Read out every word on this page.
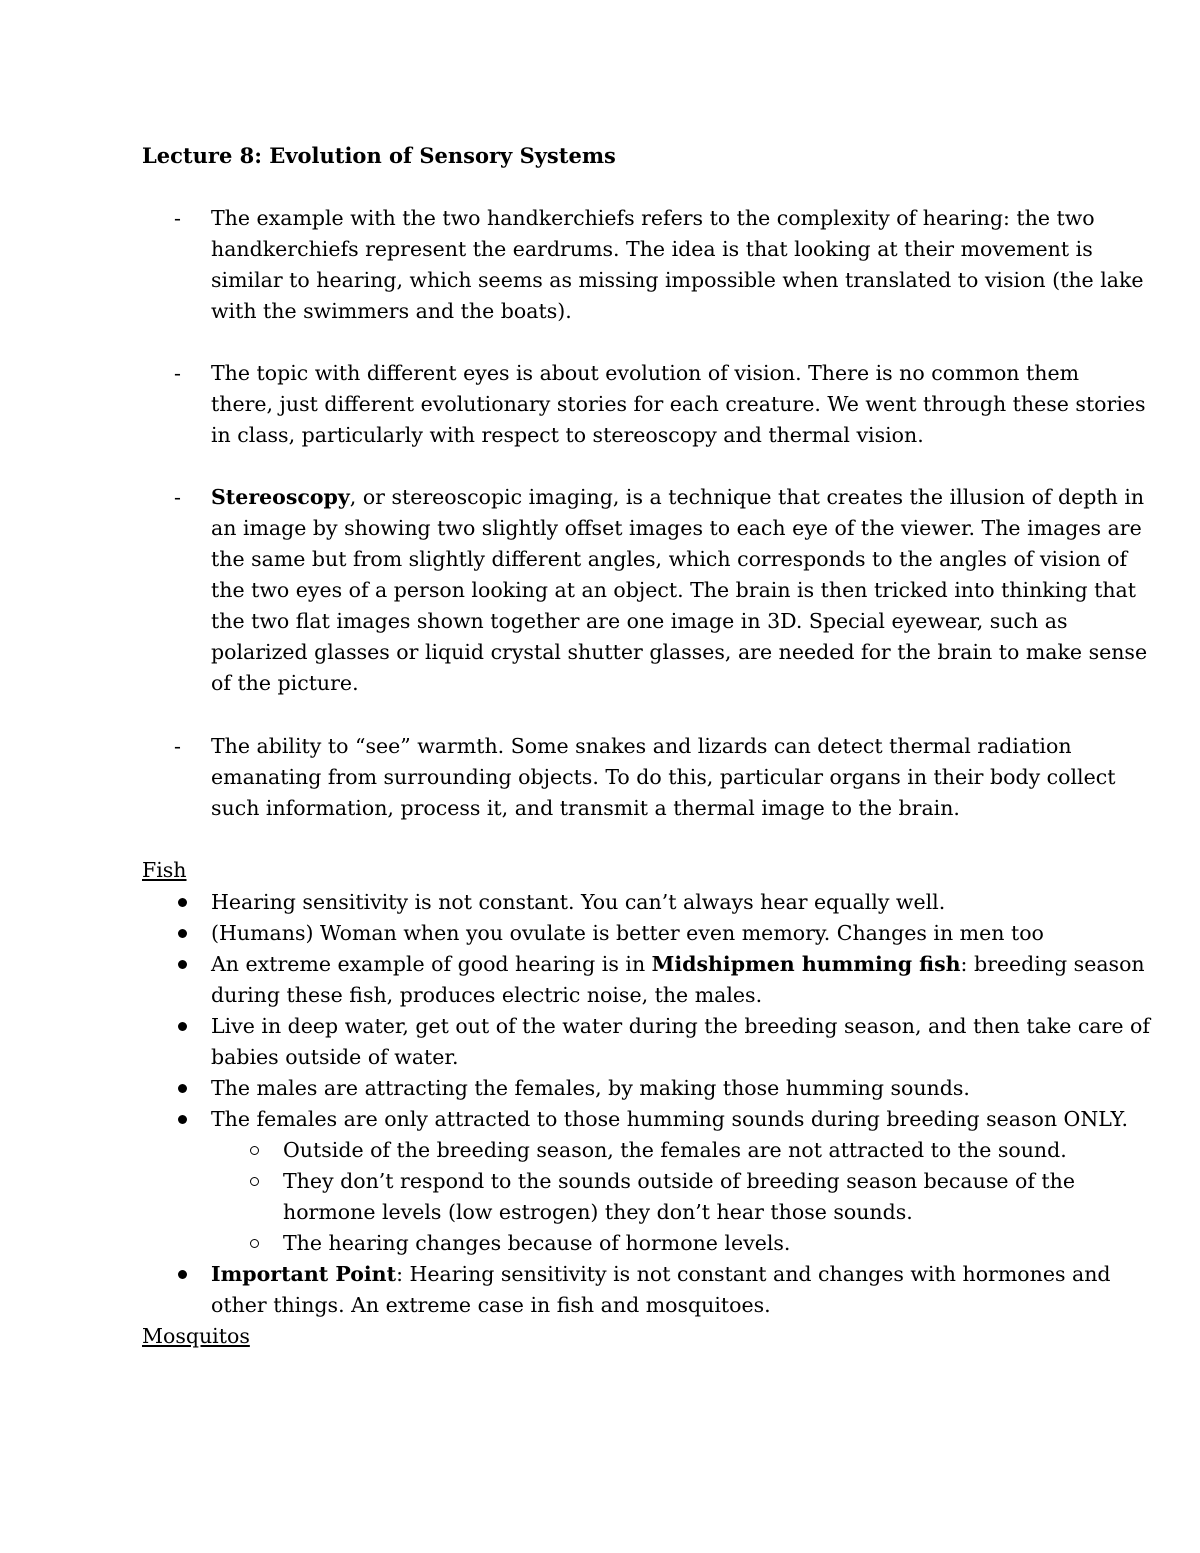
Lecture 8: Evolution of Sensory Systems
- The example with the two handkerchiefs refers to the complexity of hearing: the two
handkerchiefs represent the eardrums. The idea is that looking at their movement is
similar to hearing, which seems as missing impossible when translated to vision (the lake
with the swimmers and the boats).
- The topic with different eyes is about evolution of vision. There is no common them
there, just different evolutionary stories for each creature. We went through these stories
in class, particularly with respect to stereoscopy and thermal vision.
- Stereoscopy, or stereoscopic imaging, is a technique that creates the illusion of depth in
an image by showing two slightly offset images to each eye of the viewer. The images are
the same but from slightly different angles, which corresponds to the angles of vision of
the two eyes of a person looking at an object. The brain is then tricked into thinking that
the two flat images shown together are one image in 3D. Special eyewear, such as
polarized glasses or liquid crystal shutter glasses, are needed for the brain to make sense
of the picture.
- The ability to “see” warmth. Some snakes and lizards can detect thermal radiation
emanating from surrounding objects. To do this, particular organs in their body collect
such information, process it, and transmit a thermal image to the brain.
Fish
Hearing sensitivity is not constant. You can’t always hear equally well.
(Humans) Woman when you ovulate is better even memory. Changes in men too
An extreme example of good hearing is in Midshipmen humming fish: breeding season
during these fish, produces electric noise, the males.
Live in deep water, get out of the water during the breeding season, and then take care of
babies outside of water.
The males are attracting the females, by making those humming sounds.
The females are only attracted to those humming sounds during breeding season ONLY.
Outside of the breeding season, the females are not attracted to the sound.
They don’t respond to the sounds outside of breeding season because of the
hormone levels (low estrogen) they don’t hear those sounds.
The hearing changes because of hormone levels.
Important Point: Hearing sensitivity is not constant and changes with hormones and
other things. An extreme case in fish and mosquitoes.
Mosquitos
